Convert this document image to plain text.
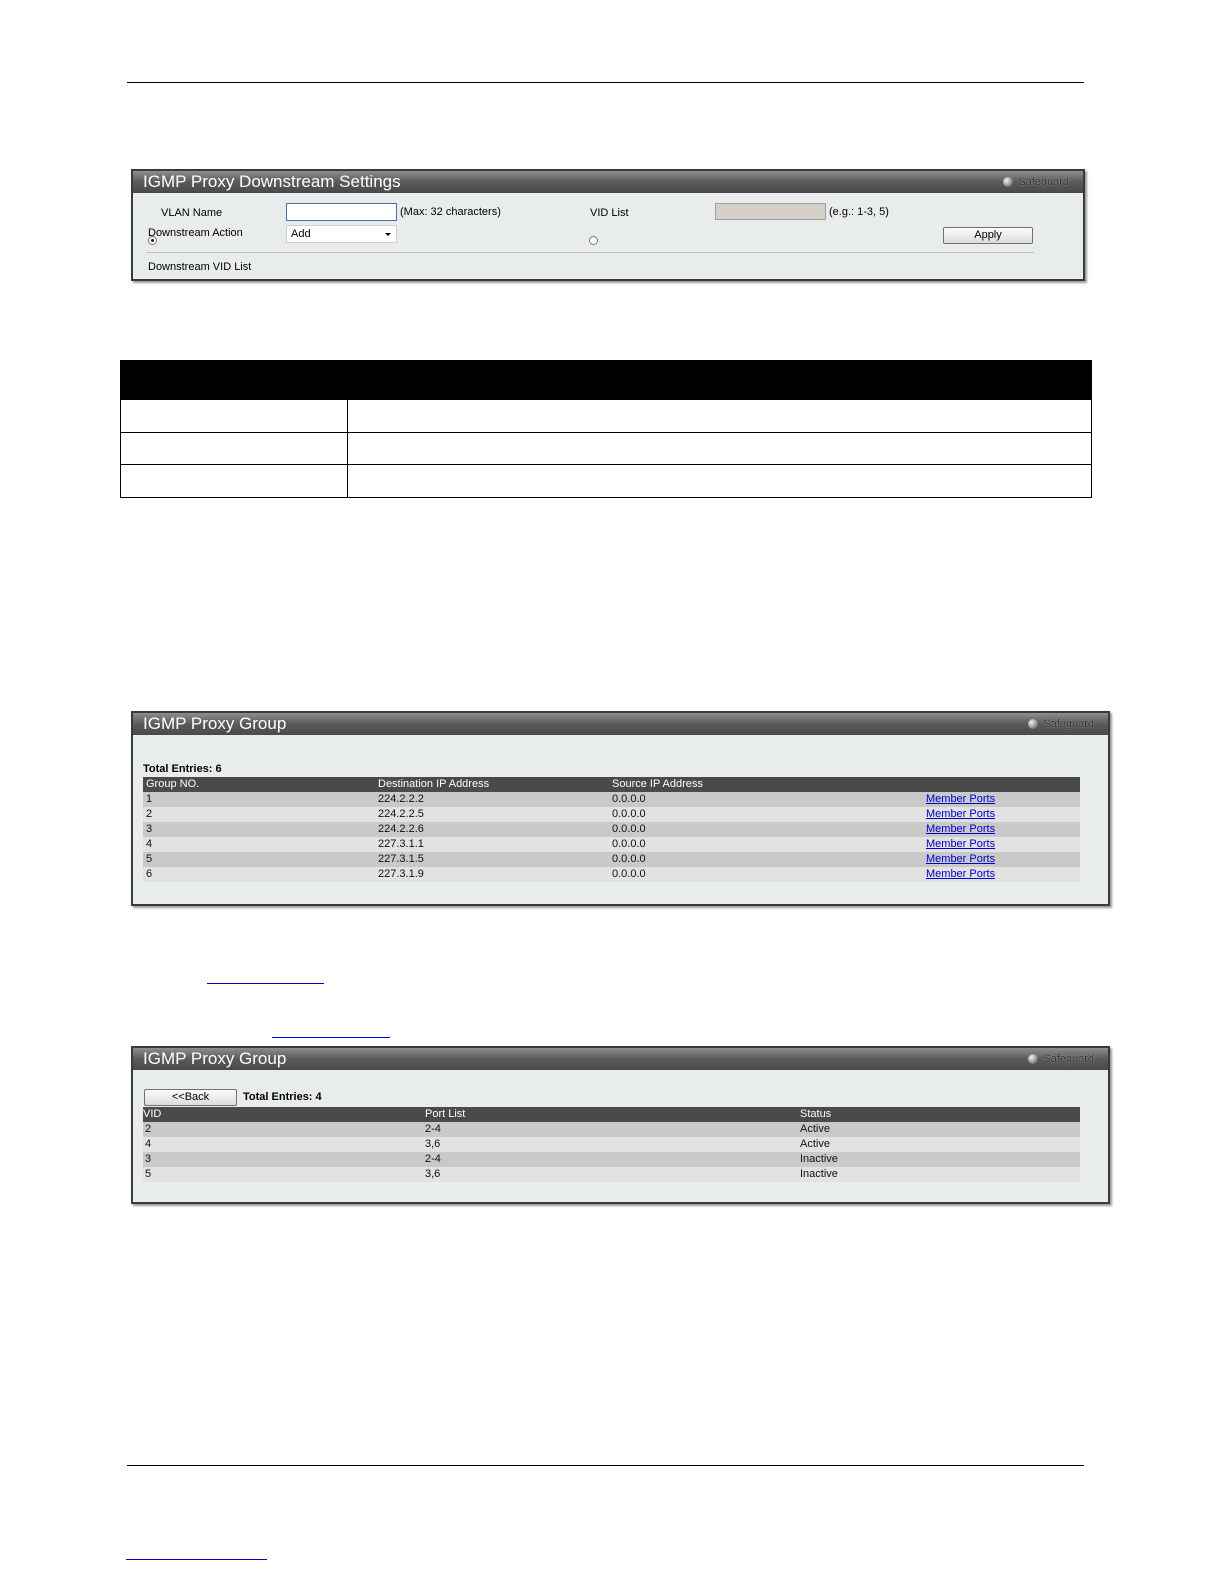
IGMP Proxy Downstream Settings	Safeguard

VLAN Name	(Max: 32 characters)	VID List	(e.g.: 1-3, 5)
Downstream Action	Add	Apply
Downstream VID List

IGMP Proxy Group	Safeguard
Total Entries: 6
Group NO.	Destination IP Address	Source IP Address
1	224.2.2.2	0.0.0.0	Member Ports
2	224.2.2.5	0.0.0.0	Member Ports
3	224.2.2.6	0.0.0.0	Member Ports
4	227.3.1.1	0.0.0.0	Member Ports
5	227.3.1.5	0.0.0.0	Member Ports
6	227.3.1.9	0.0.0.0	Member Ports
IGMP Proxy Group	Safeguard
<<Back	Total Entries: 4
VID	Port List	Status
2	2-4	Active
4	3,6	Active
3	2-4	Inactive
5	3,6	Inactive
